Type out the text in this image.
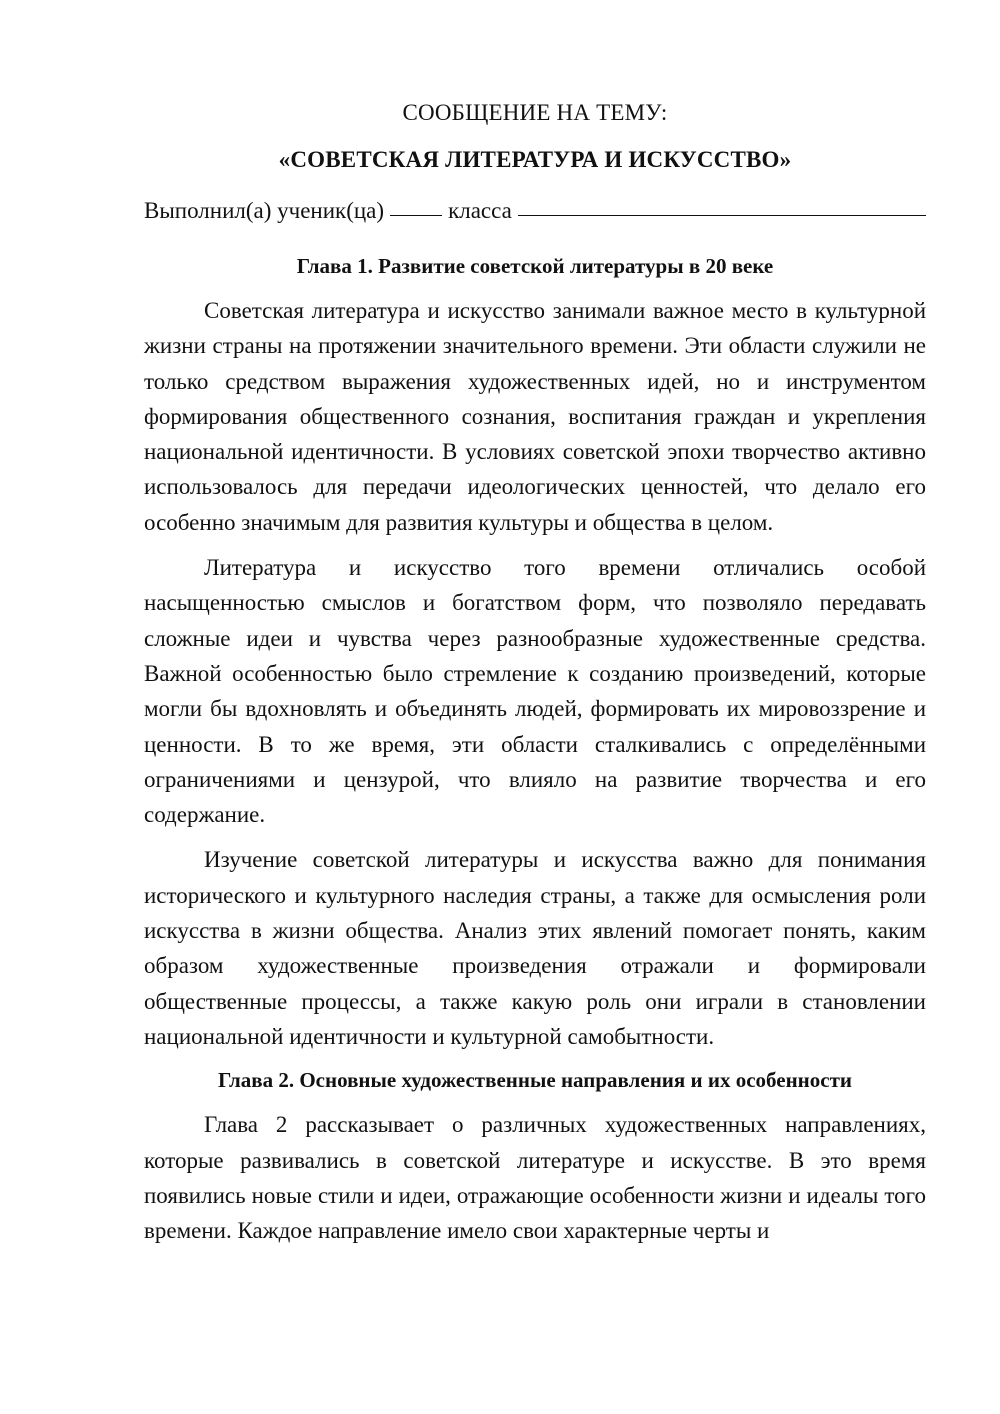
СООБЩЕНИЕ НА ТЕМУ:

«СОВЕТСКАЯ ЛИТЕРАТУРА И ИСКУССТВО»

Выполнил(а) ученик(ца)	класса
Глава 1. Развитие советской литературы в 20 веке

Советская литература и искусство занимали важное место в культурной жизни страны на протяжении значительного времени. Эти области служили не только средством выражения художественных идей, но и инструментом формирования общественного сознания, воспитания граждан и укрепления национальной идентичности. В условиях советской эпохи творчество активно использовалось для передачи идеологических ценностей, что делало его особенно значимым для развития культуры и общества в целом.

Литература и искусство того времени отличались особой насыщенностью смыслов и богатством форм, что позволяло передавать сложные идеи и чувства через разнообразные художественные средства. Важной особенностью было стремление к созданию произведений, которые могли бы вдохновлять и объединять людей, формировать их мировоззрение и ценности. В то же время, эти области сталкивались с определёнными ограничениями и цензурой, что влияло на развитие творчества и его содержание.

Изучение советской литературы и искусства важно для понимания исторического и культурного наследия страны, а также для осмысления роли искусства в жизни общества. Анализ этих явлений помогает понять, каким образом художественные произведения отражали и формировали общественные процессы, а также какую роль они играли в становлении национальной идентичности и культурной самобытности.

Глава 2. Основные художественные направления и их особенности

Глава 2 рассказывает о различных художественных направлениях, которые развивались в советской литературе и искусстве. В это время появились новые стили и идеи, отражающие особенности жизни и идеалы того времени. Каждое направление имело свои характерные черты и
